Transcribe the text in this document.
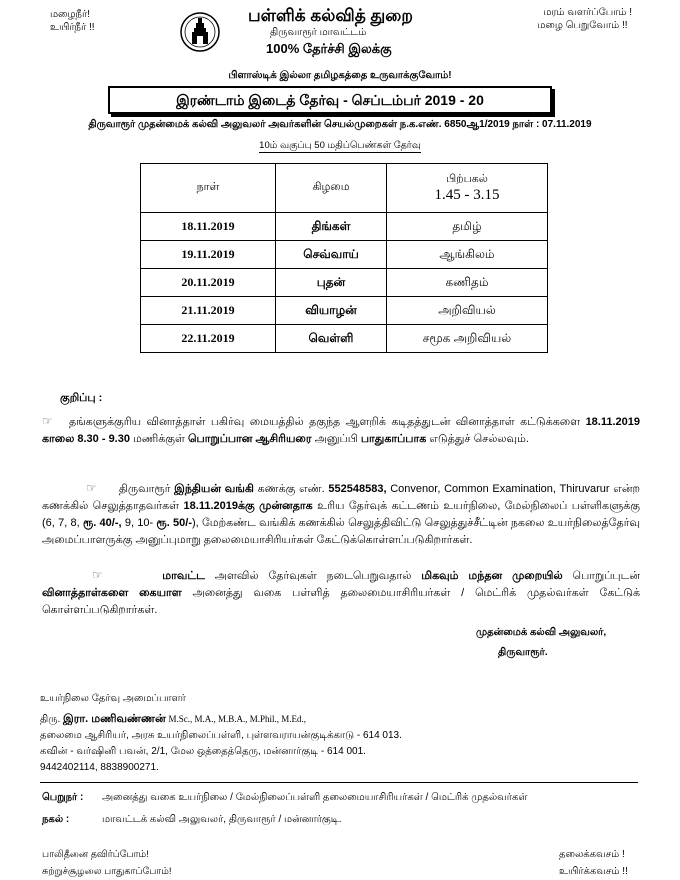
மழைநீர்!
உயிர்நீர் !!
மரம் வளர்ப்போம் !
மழை பெறுவோம் !!
பள்ளிக் கல்வித் துறை
திருவாரூர் மாவட்டம்
100% தேர்ச்சி இலக்கு
பிளாஸ்டிக் இல்லா தமிழகத்தை உருவாக்குவோம்!
இரண்டாம் இடைத் தேர்வு - செப்டம்பர் 2019 - 20
திருவாரூர் முதன்மைக் கல்வி அலுவலர் அவர்களின் செயல்முறைகள் ந.க.எண். 6850ஆ1/2019 நாள் : 07.11.2019
10ம் வகுப்பு 50 மதிப்பெண்கள் தேர்வு
நாள்	கிழமை	பிற்பகல்
1.45 - 3.15

18.11.2019	திங்கள்	தமிழ்
19.11.2019	செவ்வாய்	ஆங்கிலம்
20.11.2019	புதன்	கணிதம்
21.11.2019	வியாழன்	அறிவியல்
22.11.2019	வெள்ளி	சமூக அறிவியல்
குறிப்பு :
☞ தங்களுக்குரிய வினாத்தாள் பகிர்வு மையத்தில் தகுந்த ஆளறிக் கடிதத்துடன் வினாத்தாள் கட்டுக்களை 18.11.2019 காலை 8.30 - 9.30 மணிக்குள் பொறுப்பான ஆசிரியரை அனுப்பி பாதுகாப்பாக எடுத்துச் செல்லவும்.
☞ திருவாரூர் இந்தியன் வங்கி கணக்கு எண். 552548583, Convenor, Common Examination, Thiruvarur என்ற கணக்கில் செலுத்தாதவர்கள் 18.11.2019க்கு முன்னதாக உரிய தேர்வுக் கட்டணம் உயர்நிலை, மேல்நிலைப் பள்ளிகளுக்கு (6, 7, 8, ரூ. 40/-, 9, 10- ரூ. 50/-), மேற்கண்ட வங்கிக் கணக்கில் செலுத்திவிட்டு செலுத்துச்சீட்டின் நகலை உயர்நிலைத்தேர்வு அமைப்பாளருக்கு அனுப்புமாறு தலைமையாசிரியர்கள் கேட்டுக்கொள்ளப்படுகிறார்கள்.
☞	மாவட்ட அளவில் தேர்வுகள் நடைபெறுவதால் மிகவும் மந்தன முறையில் பொறுப்புடன் வினாத்தாள்களை கையாள அனைத்து வகை பள்ளித் தலைமையாசிரியர்கள் / மெட்ரிக் முதல்வர்கள் கேட்டுக் கொள்ளப்படுகிறார்கள்.
முதன்மைக் கல்வி அலுவலர்,
திருவாரூர்.
உயர்நிலை தேர்வு அமைப்பாளர்
திரு. இரா. மணிவண்ணன் M.Sc., M.A., M.B.A., M.Phil., M.Ed.,
தலைமை ஆசிரியர், அரசு உயர்நிலைப்பள்ளி, புள்ளவராயன்குடிக்காடு - 614 013.
கவின் - வர்ஷினி பவன், 2/1, மேல ஒத்தைத்தெரு, மன்னார்குடி - 614 001.
9442402114, 8838900271.
பெறுநர் : அனைத்து வகை உயர்நிலை / மேல்நிலைப்பள்ளி தலைமையாசிரியர்கள் / மெட்ரிக் முதல்வர்கள்
நகல் :	மாவட்டக் கல்வி அலுவலர், திருவாரூர் / மன்னார்குடி.
பாலிதீனை தவிர்ப்போம்!
சுற்றுச்சூழலை பாதுகாப்போம்!
தலைக்கவசம் !
உயிர்க்கவசம் !!
